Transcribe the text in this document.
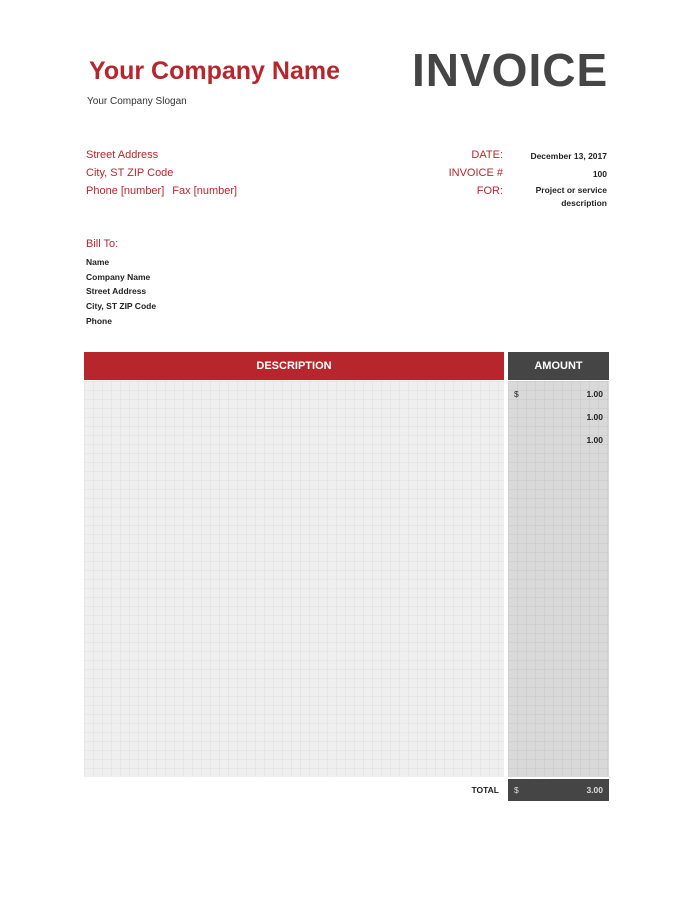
Your Company Name
Your Company Slogan
INVOICE
Street Address
City, ST ZIP Code
Phone [number] Fax [number]
DATE:	December 13, 2017
INVOICE #	100
FOR:	Project or service description
Bill To:
Name
Company Name
Street Address
City, ST ZIP Code
Phone
DESCRIPTION	AMOUNT
$	1.00
1.00
1.00
TOTAL $	3.00
